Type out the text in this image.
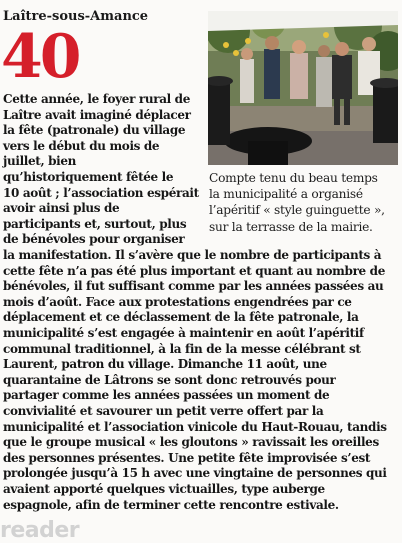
Laître-sous-Amance
40
Compte tenu du beau temps
la municipalité a organisé
l’apéritif « style guinguette »,
sur la terrasse de la mairie.
Cette année, le foyer rural de
Laître avait imaginé déplacer
la fête (patronale) du village
vers le début du mois de
juillet, bien
qu’historiquement fêtée le
10 août ; l’association espérait
avoir ainsi plus de
participants et, surtout, plus
de bénévoles pour organiser
la manifestation. Il s’avère que le nombre de participants à
cette fête n’a pas été plus important et quant au nombre de
bénévoles, il fut suffisant comme par les années passées au
mois d’août. Face aux protestations engendrées par ce
déplacement et ce déclassement de la fête patronale, la
municipalité s’est engagée à maintenir en août l’apéritif
communal traditionnel, à la fin de la messe célébrant st
Laurent, patron du village. Dimanche 11 août, une
quarantaine de Lâtrons se sont donc retrouvés pour
partager comme les années passées un moment de
convivialité et savourer un petit verre offert par la
municipalité et l’association vinicole du Haut-Rouau, tandis
que le groupe musical « les gloutons » ravissait les oreilles
des personnes présentes. Une petite fête improvisée s’est
prolongée jusqu’à 15 h avec une vingtaine de personnes qui
avaient apporté quelques victuailles, type auberge
espagnole, afin de terminer cette rencontre estivale.
reader
